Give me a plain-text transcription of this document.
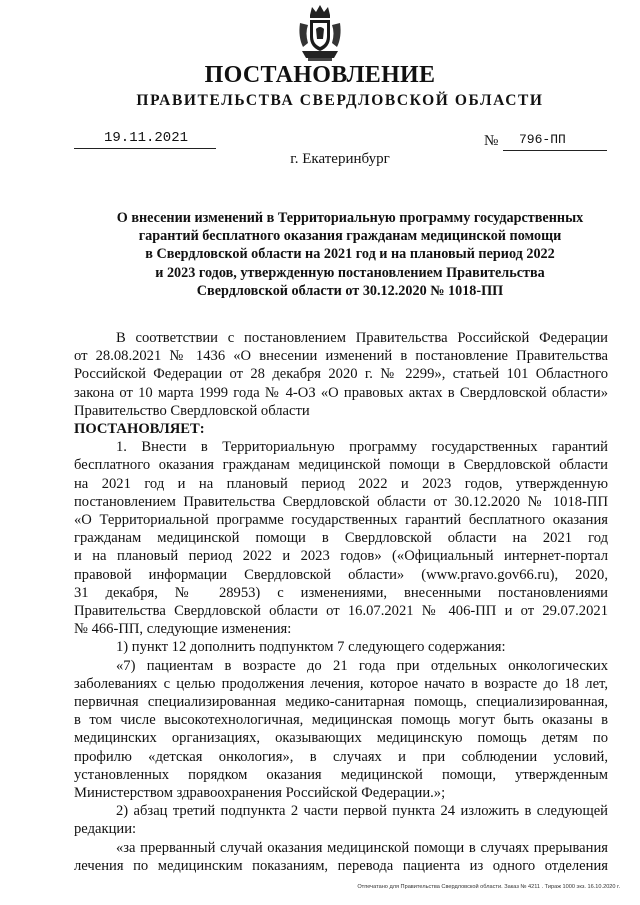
ПОСТАНОВЛЕНИЕ
ПРАВИТЕЛЬСТВА СВЕРДЛОВСКОЙ ОБЛАСТИ
19.11.2021	№ 796-ПП
г. Екатеринбург
О внесении изменений в Территориальную программу государственных
гарантий бесплатного оказания гражданам медицинской помощи
в Свердловской области на 2021 год и на плановый период 2022
и 2023 годов, утвержденную постановлением Правительства
Свердловской области от 30.12.2020 № 1018-ПП
В соответствии с постановлением Правительства Российской Федерации
от 28.08.2021 № 1436 «О внесении изменений в постановление Правительства
Российской Федерации от 28 декабря 2020 г. № 2299», статьей 101 Областного
закона от 10 марта 1999 года № 4-ОЗ «О правовых актах в Свердловской области»
Правительство Свердловской области
ПОСТАНОВЛЯЕТ:
1. Внести в Территориальную программу государственных гарантий
бесплатного оказания гражданам медицинской помощи в Свердловской области
на 2021 год и на плановый период 2022 и 2023 годов, утвержденную
постановлением Правительства Свердловской области от 30.12.2020 № 1018-ПП
«О Территориальной программе государственных гарантий бесплатного оказания
гражданам медицинской помощи в Свердловской области на 2021 год
и на плановый период 2022 и 2023 годов» («Официальный интернет-портал
правовой информации Свердловской области» (www.pravo.gov66.ru), 2020,
31 декабря, № 28953) с изменениями, внесенными постановлениями
Правительства Свердловской области от 16.07.2021 № 406-ПП и от 29.07.2021
№ 466-ПП, следующие изменения:
1) пункт 12 дополнить подпунктом 7 следующего содержания:
«7) пациентам в возрасте до 21 года при отдельных онкологических
заболеваниях с целью продолжения лечения, которое начато в возрасте до 18 лет,
первичная специализированная медико-санитарная помощь, специализированная,
в том числе высокотехнологичная, медицинская помощь могут быть оказаны в
медицинских организациях, оказывающих медицинскую помощь детям по
профилю «детская онкология», в случаях и при соблюдении условий,
установленных порядком оказания медицинской помощи, утвержденным
Министерством здравоохранения Российской Федерации.»;
2) абзац третий подпункта 2 части первой пункта 24 изложить в следующей
редакции:
«за прерванный случай оказания медицинской помощи в случаях прерывания
лечения по медицинским показаниям, перевода пациента из одного отделения
Отпечатано для Правительства Свердловской области. Заказ № 4211 . Тираж 1000 экз. 16.10.2020 г.
